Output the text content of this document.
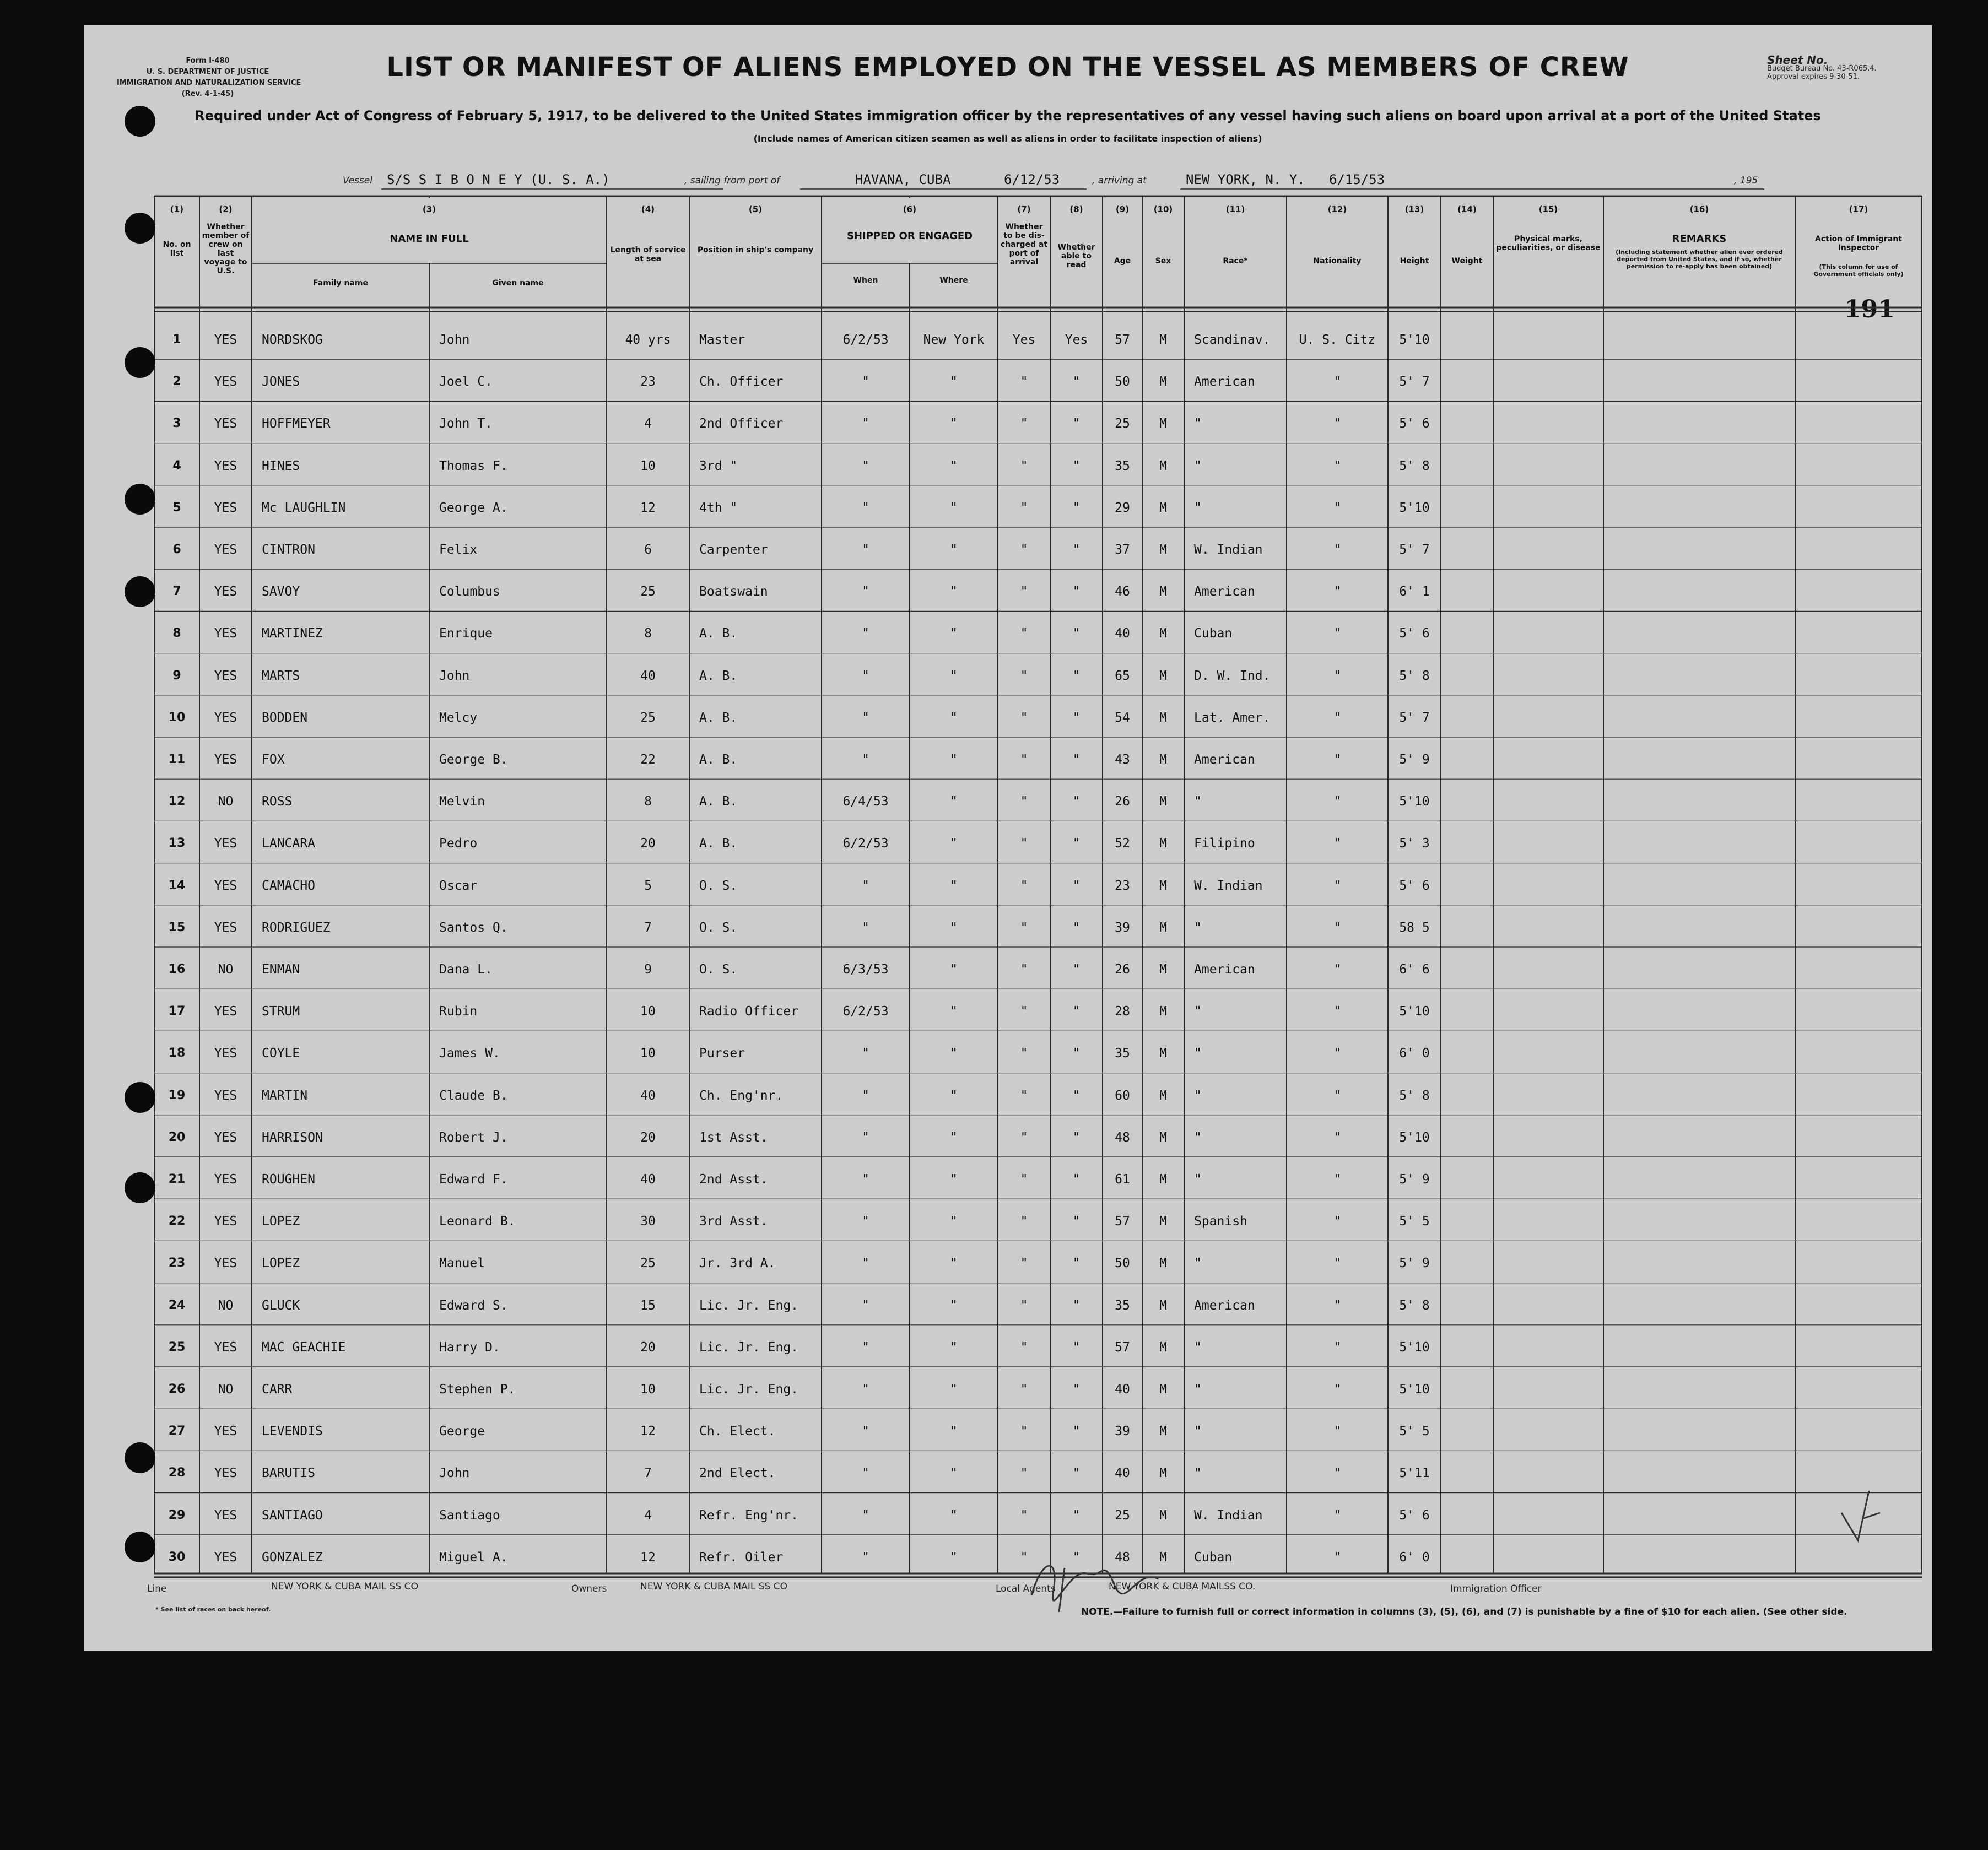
Form I-480
U. S. DEPARTMENT OF JUSTICE
IMMIGRATION AND NATURALIZATION SERVICE
(Rev. 4-1-45)
LIST OR MANIFEST OF ALIENS EMPLOYED ON THE VESSEL AS MEMBERS OF CREW
Required under Act of Congress of February 5, 1917, to be delivered to the United States immigration officer by the representatives of any vessel having such aliens on board upon arrival at a port of the United States
(Include names of American citizen seamen as well as aliens in order to facilitate inspection of aliens)
Sheet No.
Budget Bureau No. 43-R065.4.
Approval expires 9-30-51.
Vessel S/S S I B O N E Y (U. S. A.)	, sailing from port of	HAVANA, CUBA	6/12/53	, arriving at	NEW YORK, N. Y. 6/15/53	, 195
191
(1)
No. on list
(2)
Whether member of crew on last voyage to U.S.
(3)
NAME IN FULL
(4)
Length of service at sea
(5)
Position in ship's company
(6)
SHIPPED OR ENGAGED
(7)
Whether to be dis-charged at port of arrival
(8)
Whether able to read
(9)
Age
(10)
Sex
(11)
Race*
(12)
Nationality
(13)
Height
(14)
Weight
(15)
Physical marks, peculiarities, or disease
(16)
REMARKS
(17)
Action of Immigrant Inspector
Family name	Given name	When	Where
(Including statement whether alien ever ordered deported from United States, and if so, whether permission to re-apply has been obtained)	(This column for use of Government officials only)
1	YES	NORDSKOG	John	40 yrs	Master	6/2/53	New York	Yes	Yes	57	M	Scandinav.	U. S. Citz	5'10
2	YES	JONES	Joel C.	23	Ch. Officer	"	"	"	"	50	M	American	"	5' 7
3	YES	HOFFMEYER	John T.	4	2nd Officer	"	"	"	"	25	M	"	"	5' 6
4	YES	HINES	Thomas F.	10	3rd "	"	"	"	"	35	M	"	"	5' 8
5	YES	Mc LAUGHLIN	George A.	12	4th "	"	"	"	"	29	M	"	"	5'10
6	YES	CINTRON	Felix	6	Carpenter	"	"	"	"	37	M	W. Indian	"	5' 7
7	YES	SAVOY	Columbus	25	Boatswain	"	"	"	"	46	M	American	"	6' 1
8	YES	MARTINEZ	Enrique	8	A. B.	"	"	"	"	40	M	Cuban	"	5' 6
9	YES	MARTS	John	40	A. B.	"	"	"	"	65	M	D. W. Ind.	"	5' 8
10	YES	BODDEN	Melcy	25	A. B.	"	"	"	"	54	M	Lat. Amer.	"	5' 7
11	YES	FOX	George B.	22	A. B.	"	"	"	"	43	M	American	"	5' 9
12	NO	ROSS	Melvin	8	A. B.	6/4/53	"	"	"	26	M	"	"	5'10
13	YES	LANCARA	Pedro	20	A. B.	6/2/53	"	"	"	52	M	Filipino	"	5' 3
14	YES	CAMACHO	Oscar	5	O. S.	"	"	"	"	23	M	W. Indian	"	5' 6
15	YES	RODRIGUEZ	Santos Q.	7	O. S.	"	"	"	"	39	M	"	"	58 5
16	NO	ENMAN	Dana L.	9	O. S.	6/3/53	"	"	"	26	M	American	"	6' 6
17	YES	STRUM	Rubin	10	Radio Officer	6/2/53	"	"	"	28	M	"	"	5'10
18	YES	COYLE	James W.	10	Purser	"	"	"	"	35	M	"	"	6' 0
19	YES	MARTIN	Claude B.	40	Ch. Eng'nr.	"	"	"	"	60	M	"	"	5' 8
20	YES	HARRISON	Robert J.	20	1st Asst.	"	"	"	"	48	M	"	"	5'10
21	YES	ROUGHEN	Edward F.	40	2nd Asst.	"	"	"	"	61	M	"	"	5' 9
22	YES	LOPEZ	Leonard B.	30	3rd Asst.	"	"	"	"	57	M	Spanish	"	5' 5
23	YES	LOPEZ	Manuel	25	Jr. 3rd A.	"	"	"	"	50	M	"	"	5' 9
24	NO	GLUCK	Edward S.	15	Lic. Jr. Eng.	"	"	"	"	35	M	American	"	5' 8
25	YES	MAC GEACHIE	Harry D.	20	Lic. Jr. Eng.	"	"	"	"	57	M	"	"	5'10
26	NO	CARR	Stephen P.	10	Lic. Jr. Eng.	"	"	"	"	40	M	"	"	5'10
27	YES	LEVENDIS	George	12	Ch. Elect.	"	"	"	"	39	M	"	"	5' 5
28	YES	BARUTIS	John	7	2nd Elect.	"	"	"	"	40	M	"	"	5'11
29	YES	SANTIAGO	Santiago	4	Refr. Eng'nr.	"	"	"	"	25	M	W. Indian	"	5' 6
30	YES	GONZALEZ	Miguel A.	12	Refr. Oiler	"	"	"	"	48	M	Cuban	"	6' 0
Line	NEW YORK & CUBA MAIL SS CO	Owners	NEW YORK & CUBA MAIL SS CO	Local Agents	NEW YORK & CUBA MAILSS CO.	Immigration Officer
* See list of races on back hereof.	NOTE.—Failure to furnish full or correct information in columns (3), (5), (6), and (7) is punishable by a fine of $10 for each alien. (See other side.
